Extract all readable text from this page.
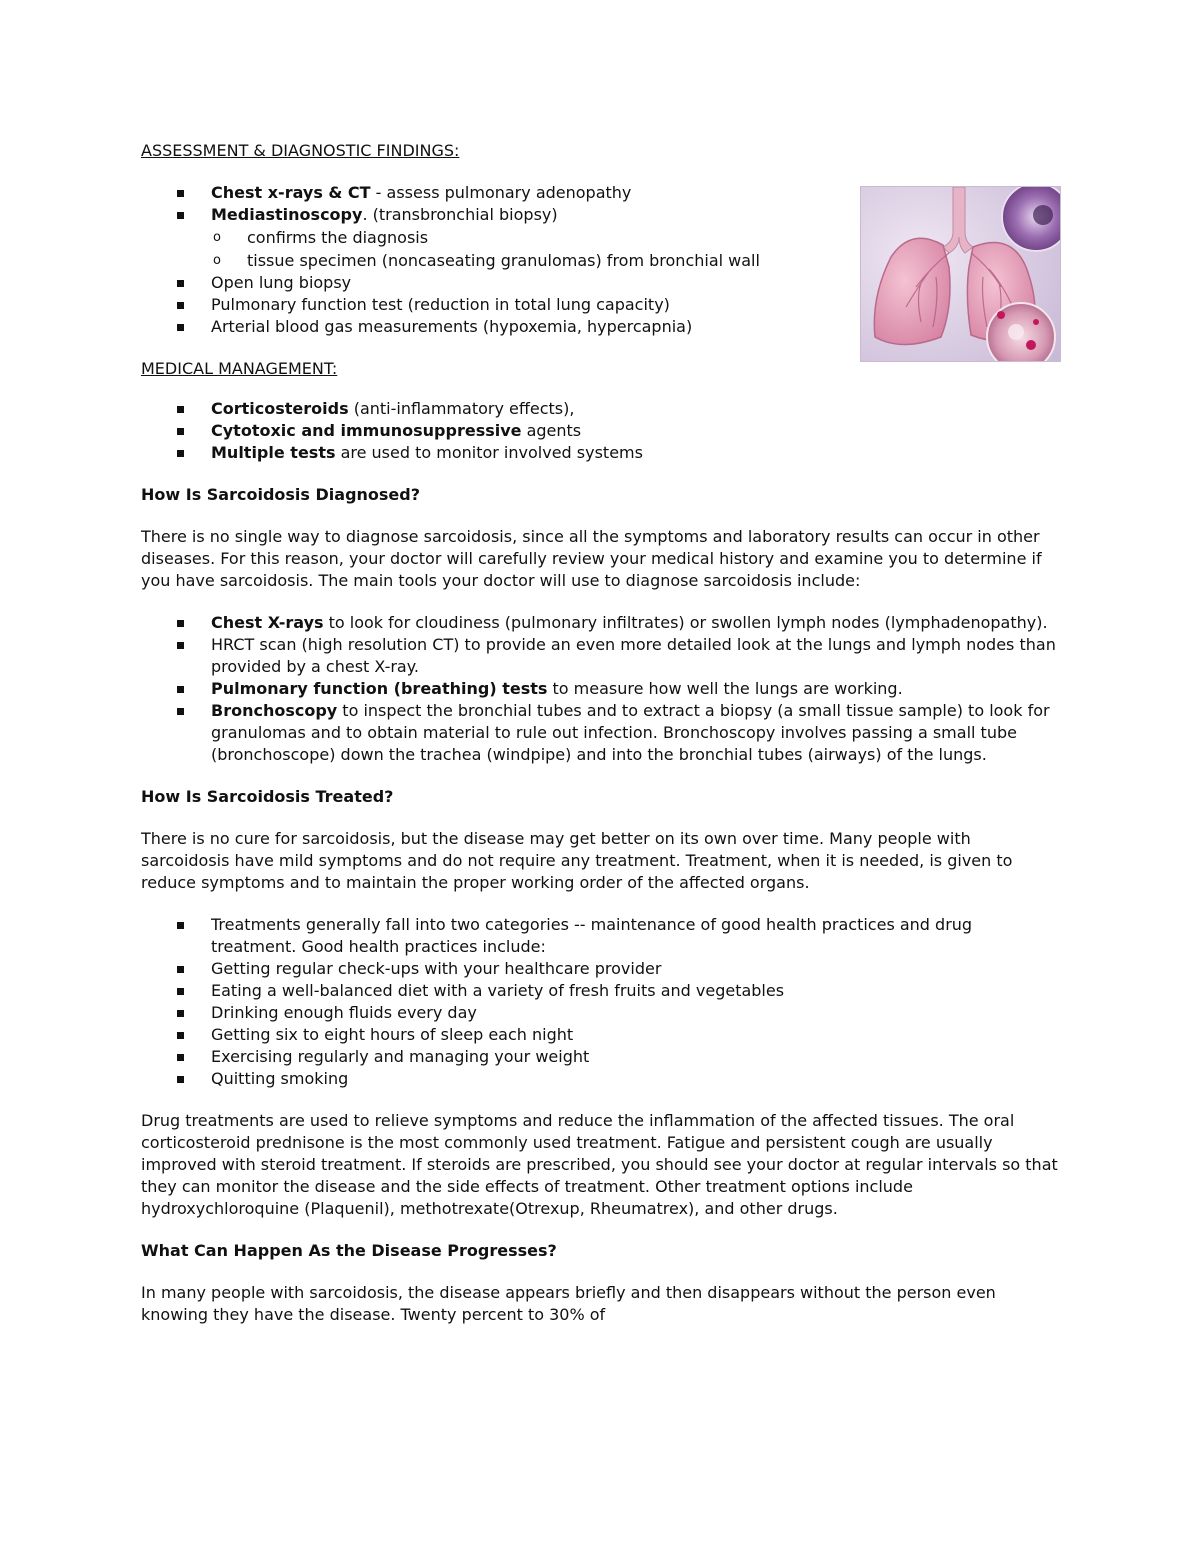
ASSESSMENT & DIAGNOSTIC FINDINGS:

Chest x-rays & CT - assess pulmonary adenopathy
Mediastinoscopy. (transbronchial biopsy)
o confirms the diagnosis
o tissue specimen (noncaseating granulomas) from bronchial wall
Open lung biopsy
Pulmonary function test (reduction in total lung capacity)
Arterial blood gas measurements (hypoxemia, hypercapnia)

MEDICAL MANAGEMENT:

Corticosteroids (anti-inflammatory effects),
Cytotoxic and immunosuppressive agents
Multiple tests are used to monitor involved systems
How Is Sarcoidosis Diagnosed?

There is no single way to diagnose sarcoidosis, since all the symptoms and laboratory results can occur in other diseases. For this reason, your doctor will carefully review your medical history and examine you to determine if you have sarcoidosis. The main tools your doctor will use to diagnose sarcoidosis include:

Chest X-rays to look for cloudiness (pulmonary infiltrates) or swollen lymph nodes (lymphadenopathy).
HRCT scan (high resolution CT) to provide an even more detailed look at the lungs and lymph nodes than provided by a chest X-ray.
Pulmonary function (breathing) tests to measure how well the lungs are working.
Bronchoscopy to inspect the bronchial tubes and to extract a biopsy (a small tissue sample) to look for granulomas and to obtain material to rule out infection. Bronchoscopy involves passing a small tube (bronchoscope) down the trachea (windpipe) and into the bronchial tubes (airways) of the lungs.
How Is Sarcoidosis Treated?

There is no cure for sarcoidosis, but the disease may get better on its own over time. Many people with sarcoidosis have mild symptoms and do not require any treatment. Treatment, when it is needed, is given to reduce symptoms and to maintain the proper working order of the affected organs.

Treatments generally fall into two categories -- maintenance of good health practices and drug treatment. Good health practices include:
Getting regular check-ups with your healthcare provider
Eating a well-balanced diet with a variety of fresh fruits and vegetables
Drinking enough fluids every day
Getting six to eight hours of sleep each night
Exercising regularly and managing your weight
Quitting smoking

Drug treatments are used to relieve symptoms and reduce the inflammation of the affected tissues. The oral corticosteroid prednisone is the most commonly used treatment. Fatigue and persistent cough are usually improved with steroid treatment. If steroids are prescribed, you should see your doctor at regular intervals so that they can monitor the disease and the side effects of treatment. Other treatment options include hydroxychloroquine (Plaquenil), methotrexate(Otrexup, Rheumatrex), and other drugs.

What Can Happen As the Disease Progresses?

In many people with sarcoidosis, the disease appears briefly and then disappears without the person even knowing they have the disease. Twenty percent to 30% of
